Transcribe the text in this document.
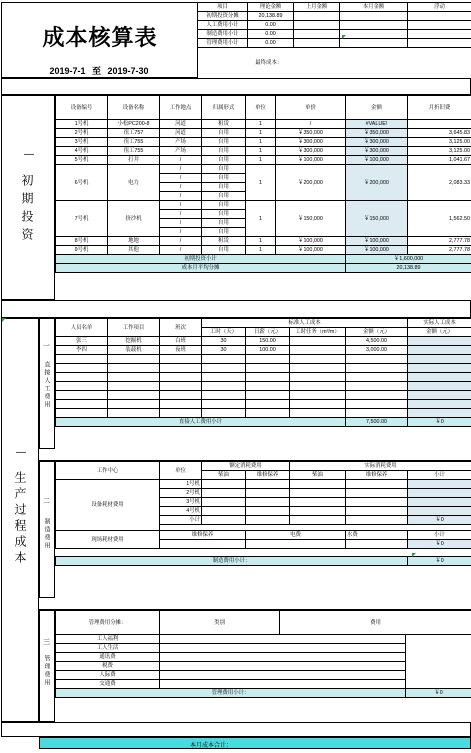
成本核算表
2019-7-1 至 2019-7-30
项目	理论金额	上月金额	本月金额	浮动
初期投资分摊	20,138.89			
人工费用小计	0.00			
制造费用小计	0.00			
管理费用小计	0.00			
最终成本：				
—
初期投资
设备编号	设备名称	工作地点	归属形式	单位	单价	金额	月折旧费
1号机	小松PC200-8	河道	租赁	1	/	#VALUE!	
2号机	徂工757	河道	自用	1	￥350,000	￥350,000	3,645.83
3号机	徂工755	产场	自用	1	￥300,000	￥300,000	3,125.00
4号机	徂工755	产场	自用	1	￥300,000	￥300,000	3,125.00
5号机	打井	/	自用	1	￥100,000	￥100,000	1,041.67
6号机	电力	/	自用	1	￥200,000	￥200,000	2,083.33
		/	自用				
		/	自用				
		/	自用				
7号机	挤沙机	/	自用	1	￥150,000	￥150,000	1,562.50
		/	自用				
		/	自用				
		/	自用				
8号机	地地	/	租赁	1	￥100,000	￥100,000	2,777.78
9号机	其他	/	自用	1	￥100,000	￥100,000	2,777.78
初期投资小计						￥1,600,000	
成本月平均分摊						20,138.89	
—
生产过程成本
一
直接人工费用
人员名单	工作项目	班次	标准人工成本				实际人工成本
			工时（天）	日薪（元）	工时任务（m³/m）	金额（元）	金额（元）

张三	挖掘机	白班	30	150.00		4,500.00	
李四	装载机	夜班	30	100.00		3,000.00	

直接人工费用小计						7,500.00	￥0
二
制造费用
工作中心	单位	额定消耗费用		实际消耗费用		
		柴油	维修保养	柴油	维修保养	小计
设备耗材费用	1号机					
	2号机					
	3号机					
	4号机					
	小计					￥0

现场耗材费用	维修保养		电费		水费	小计
						￥0

制造费用小计：						￥0
三
管理费用
管理费用分摊：	类别	费用	
工人福利			
工人生活			
通讯费			
税费			
人际费			
交通费			
管理费用小计：			￥0
本月成本合计：
